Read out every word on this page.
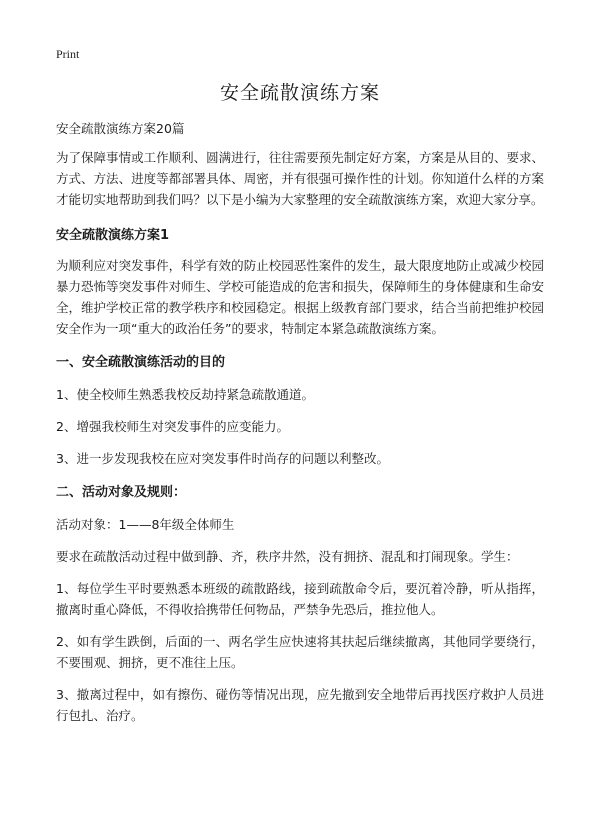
Print
安全疏散演练方案

安全疏散演练方案20篇

为了保障事情或工作顺利、圆满进行，往往需要预先制定好方案，方案是从目的、要求、方式、方法、进度等都部署具体、周密，并有很强可操作性的计划。你知道什么样的方案才能切实地帮助到我们吗？以下是小编为大家整理的安全疏散演练方案，欢迎大家分享。

安全疏散演练方案1

为顺利应对突发事件，科学有效的防止校园恶性案件的发生，最大限度地防止或减少校园暴力恐怖等突发事件对师生、学校可能造成的危害和损失，保障师生的身体健康和生命安全，维护学校正常的教学秩序和校园稳定。根据上级教育部门要求，结合当前把维护校园安全作为一项“重大的政治任务”的要求，特制定本紧急疏散演练方案。

一、安全疏散演练活动的目的

1、使全校师生熟悉我校反劫持紧急疏散通道。

2、增强我校师生对突发事件的应变能力。

3、进一步发现我校在应对突发事件时尚存的问题以利整改。

二、活动对象及规则：

活动对象：1——8年级全体师生

要求在疏散活动过程中做到静、齐，秩序井然，没有拥挤、混乱和打闹现象。学生：

1、每位学生平时要熟悉本班级的疏散路线，接到疏散命令后，要沉着冷静，听从指挥，撤离时重心降低，不得收拾携带任何物品，严禁争先恐后，推拉他人。

2、如有学生跌倒，后面的一、两名学生应快速将其扶起后继续撤离，其他同学要绕行，不要围观、拥挤，更不准往上压。

3、撤离过程中，如有擦伤、碰伤等情况出现，应先撤到安全地带后再找医疗救护人员进行包扎、治疗。
